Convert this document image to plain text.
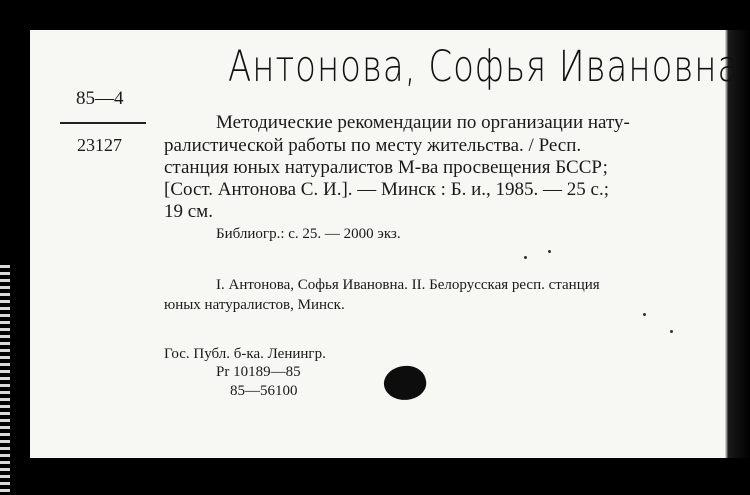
Антонова, Софья Ивановна
85—4
23127
Методические рекомендации по организации нату-
ралистической работы по месту жительства. / Респ.
станция юных натуралистов М-ва просвещения БССР;
[Сост. Антонова С. И.]. — Минск : Б. и., 1985. — 25 с.;
19 см.
Библиогр.: с. 25. — 2000 экз.
I. Антонова, Софья Ивановна. II. Белорусская респ. станция
юных натуралистов, Минск.
Гос. Публ. б-ка. Ленингр.
Pr 10189—85
85—56100
